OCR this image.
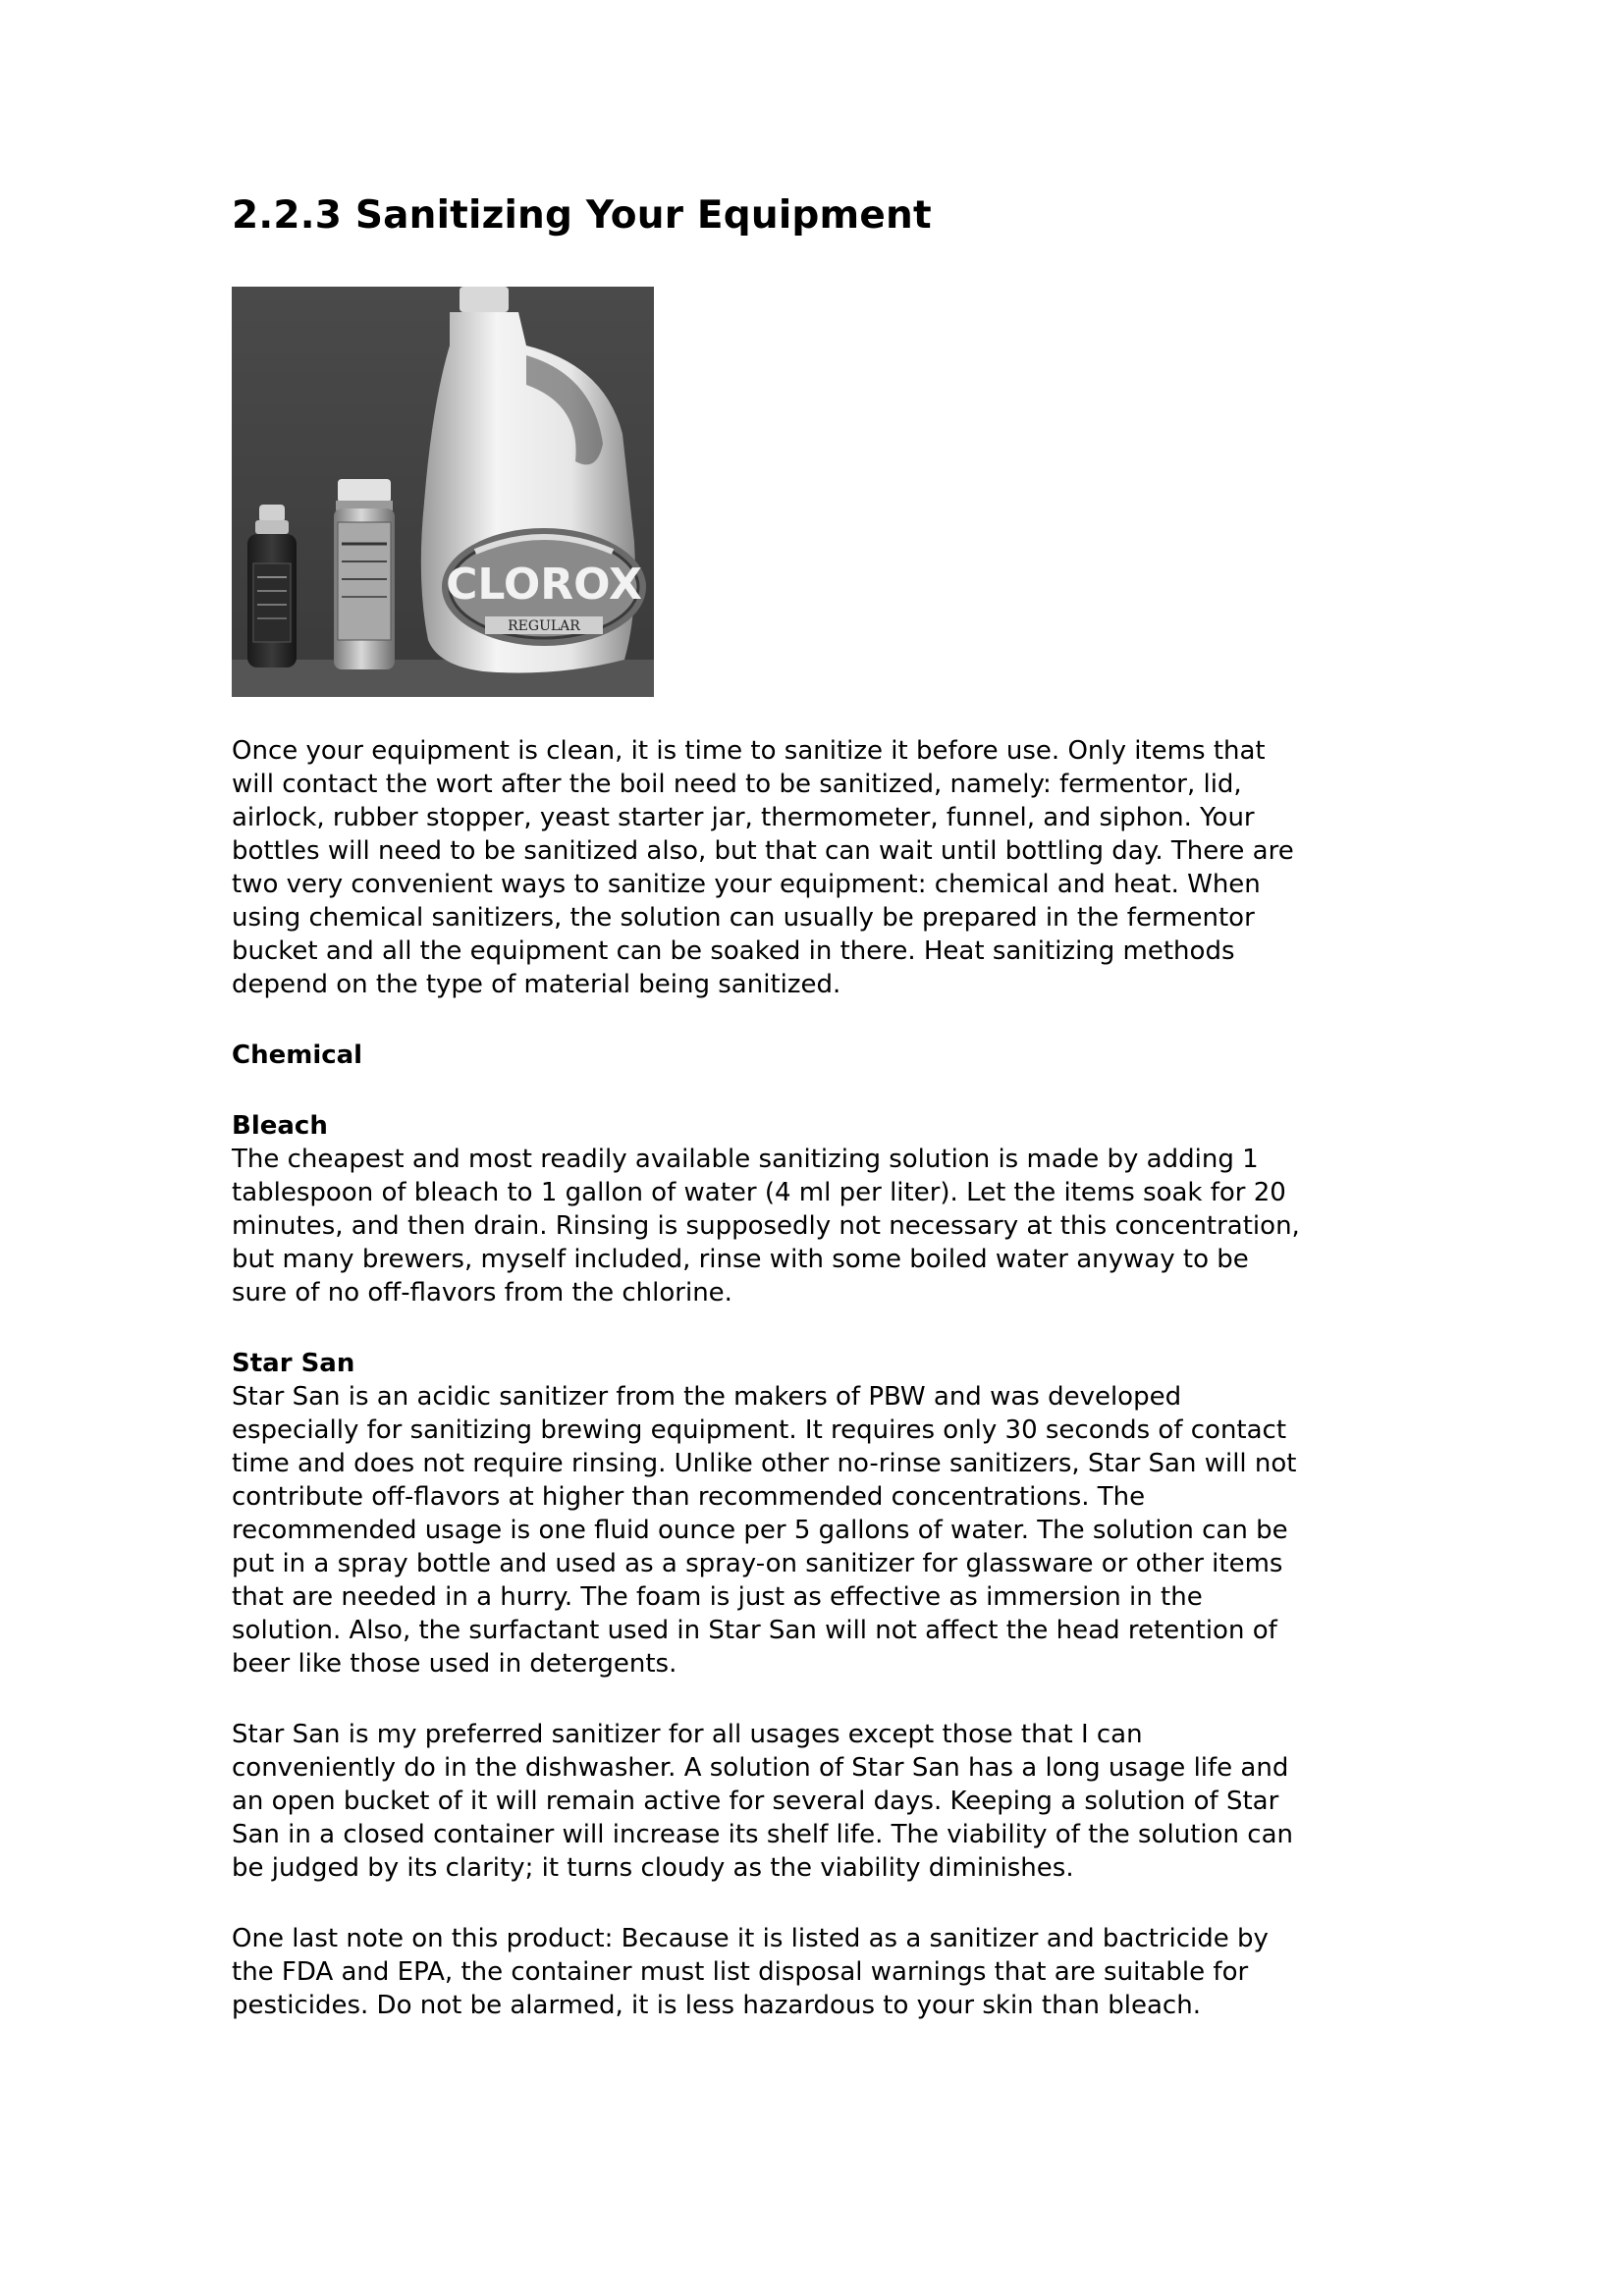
2.2.3 Sanitizing Your Equipment
CLOROX
REGULAR

Once your equipment is clean, it is time to sanitize it before use. Only items that
will contact the wort after the boil need to be sanitized, namely: fermentor, lid,
airlock, rubber stopper, yeast starter jar, thermometer, funnel, and siphon. Your
bottles will need to be sanitized also, but that can wait until bottling day. There are
two very convenient ways to sanitize your equipment: chemical and heat. When
using chemical sanitizers, the solution can usually be prepared in the fermentor
bucket and all the equipment can be soaked in there. Heat sanitizing methods
depend on the type of material being sanitized.

Chemical

Bleach

The cheapest and most readily available sanitizing solution is made by adding 1
tablespoon of bleach to 1 gallon of water (4 ml per liter). Let the items soak for 20
minutes, and then drain. Rinsing is supposedly not necessary at this concentration,
but many brewers, myself included, rinse with some boiled water anyway to be
sure of no off-flavors from the chlorine.

Star San

Star San is an acidic sanitizer from the makers of PBW and was developed
especially for sanitizing brewing equipment. It requires only 30 seconds of contact
time and does not require rinsing. Unlike other no-rinse sanitizers, Star San will not
contribute off-flavors at higher than recommended concentrations. The
recommended usage is one fluid ounce per 5 gallons of water. The solution can be
put in a spray bottle and used as a spray-on sanitizer for glassware or other items
that are needed in a hurry. The foam is just as effective as immersion in the
solution. Also, the surfactant used in Star San will not affect the head retention of
beer like those used in detergents.

Star San is my preferred sanitizer for all usages except those that I can
conveniently do in the dishwasher. A solution of Star San has a long usage life and
an open bucket of it will remain active for several days. Keeping a solution of Star
San in a closed container will increase its shelf life. The viability of the solution can
be judged by its clarity; it turns cloudy as the viability diminishes.

One last note on this product: Because it is listed as a sanitizer and bactricide by
the FDA and EPA, the container must list disposal warnings that are suitable for
pesticides. Do not be alarmed, it is less hazardous to your skin than bleach.
